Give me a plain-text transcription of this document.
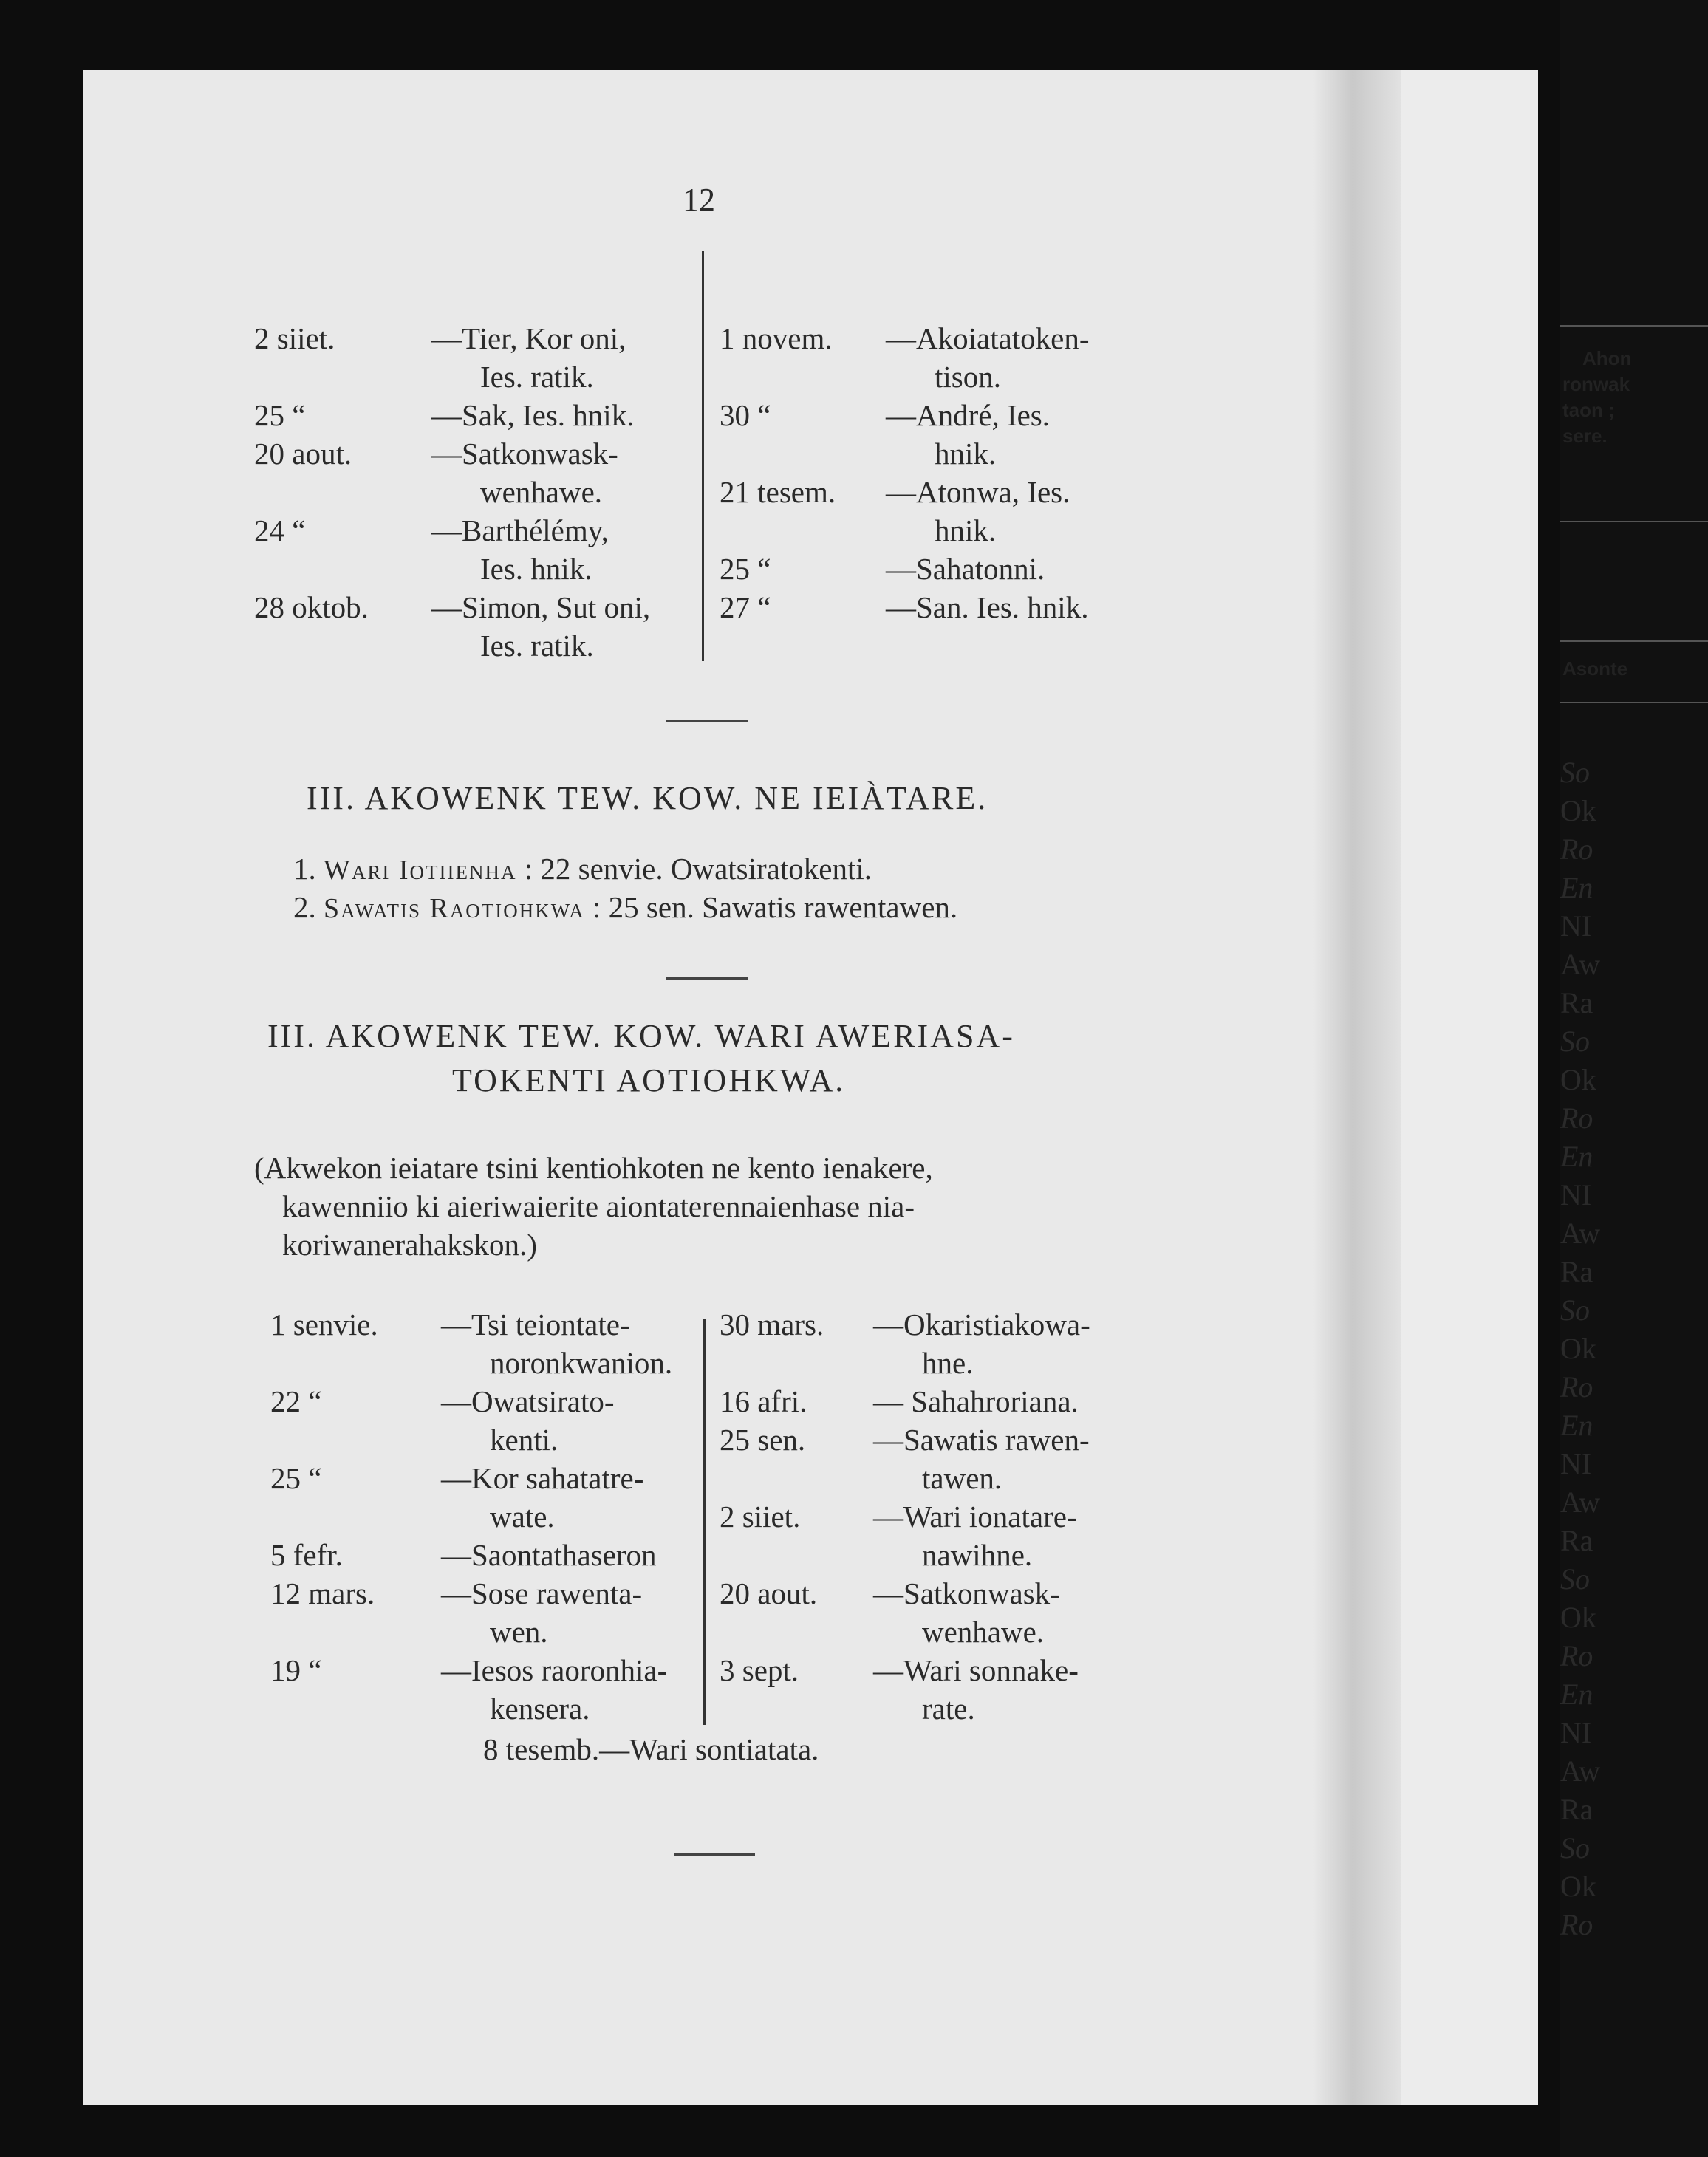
12
2 siiet.	—Tier, Kor oni,
Ies. ratik.
25 “	—Sak, Ies. hnik.
20 aout.	—Satkonwask-
wenhawe.
24 “	—Barthélémy,
Ies. hnik.
28 oktob. —Simon, Sut oni,
Ies. ratik.
1 novem. —Akoiatatoken-
tison.
30 “	—André, Ies.
hnik.
21 tesem. —Atonwa, Ies.
hnik.
25 “	—Sahatonni.
27 “	—San. Ies. hnik.
III. AKOWENK TEW. KOW. NE IEIÀTARE.
1. Wari Iotiienha : 22 senvie. Owatsiratokenti.
2. Sawatis Raotiohkwa : 25 sen. Sawatis rawentawen.
III. AKOWENK TEW. KOW. WARI AWERIASA-
TOKENTI AOTIOHKWA.
(Akwekon ieiatare tsini kentiohkoten ne kento ienakere,
kawenniio ki aieriwaierite aiontaterennaienhase nia-
koriwanerahakskon.)
1 senvie. —Tsi teiontate-
noronkwanion.
22 “	—Owatsirato-
kenti.
25 “	—Kor sahatatre-
wate.
5 fefr.	—Saontathaseron
12 mars. —Sose rawenta-
wen.
19 “	—Iesos raoronhia-
kensera.
30 mars. —Okaristiakowa-
hne.
16 afri. — Sahahroriana.
25 sen. —Sawatis rawen-
tawen.
2 siiet. —Wari ionatare-
nawihne.
20 aout. —Satkonwask-
wenhawe.
3 sept. —Wari sonnake-
rate.
8 tesemb.—Wari sontiatata.
Ahon
ronwak
taon ;
sere.
Asonte
So
Ok
Ro
En
NI
Aw
Ra
So
Ok
Ro
En
NI
Aw
Ra
So
Ok
Ro
En
NI
Aw
Ra
So
Ok
Ro
En
NI
Aw
Ra
So
Ok
Ro
